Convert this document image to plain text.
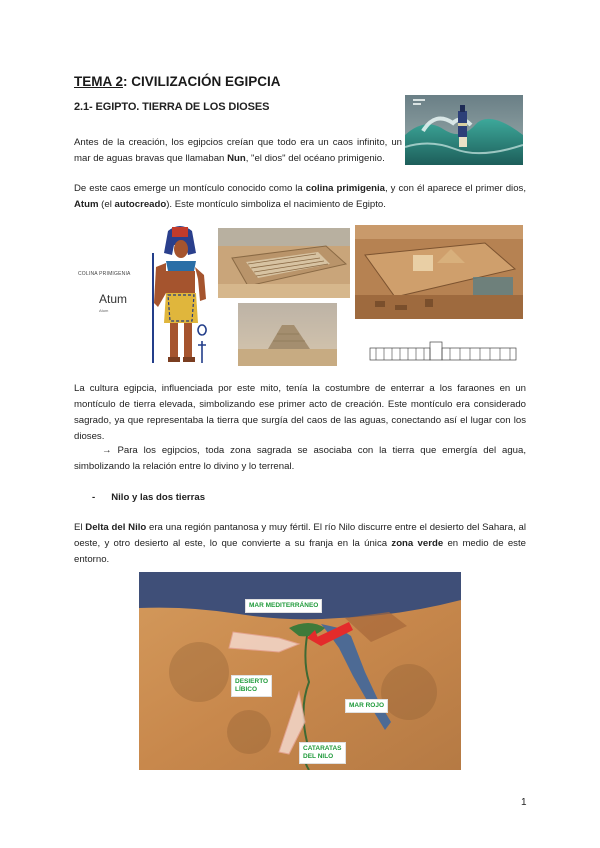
TEMA 2: CIVILIZACIÓN EGIPCIA
2.1- EGIPTO. TIERRA DE LOS DIOSES
Antes de la creación, los egipcios creían que todo era un caos infinito, un mar de aguas bravas que llamaban Nun, "el dios" del océano primigenio.
De este caos emerge un montículo conocido como la colina primigenia, y con él aparece el primer dios, Atum (el autocreado). Este montículo simboliza el nacimiento de Egipto.
COLINA PRIMIGENIA
Atum
Atum
La cultura egipcia, influenciada por este mito, tenía la costumbre de enterrar a los faraones en un montículo de tierra elevada, simbolizando ese primer acto de creación. Este montículo era considerado sagrado, ya que representaba la tierra que surgía del caos de las aguas, conectando así el lugar con los dioses.
→ Para los egipcios, toda zona sagrada se asociaba con la tierra que emergía del agua, simbolizando la relación entre lo divino y lo terrenal.
- Nilo y las dos tierras
El Delta del Nilo era una región pantanosa y muy fértil. El río Nilo discurre entre el desierto del Sahara, al oeste, y otro desierto al este, lo que convierte a su franja en la única zona verde en medio de este entorno.
MAR MEDITERRÁNEO
DESIERTO
LÍBICO
MAR ROJO
CATARATAS
DEL NILO
1
